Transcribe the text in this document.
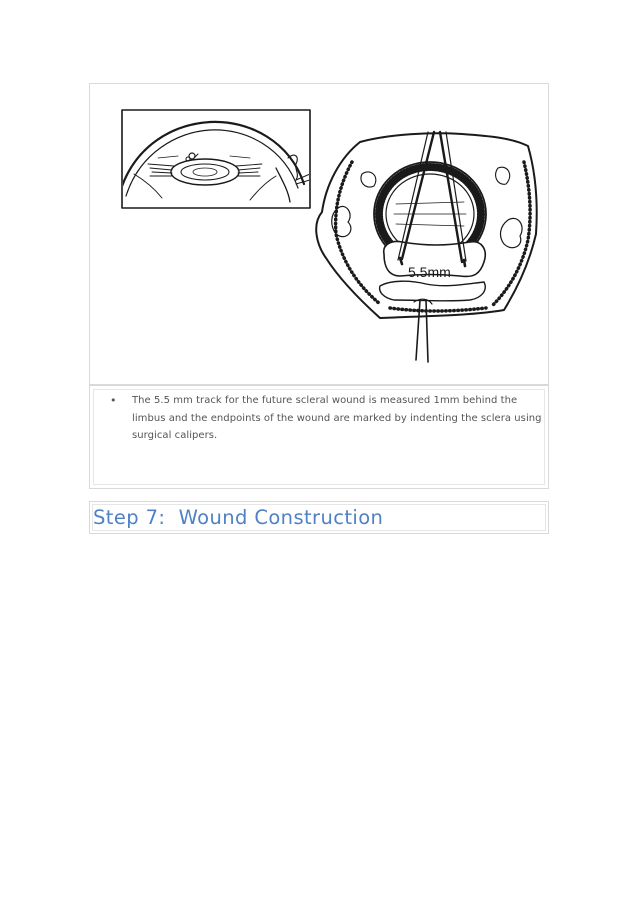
5.5mm
• The 5.5 mm track for the future scleral wound is measured 1mm behind the limbus and the endpoints of the wound are marked by indenting the sclera using surgical calipers.
Step 7:  Wound Construction
